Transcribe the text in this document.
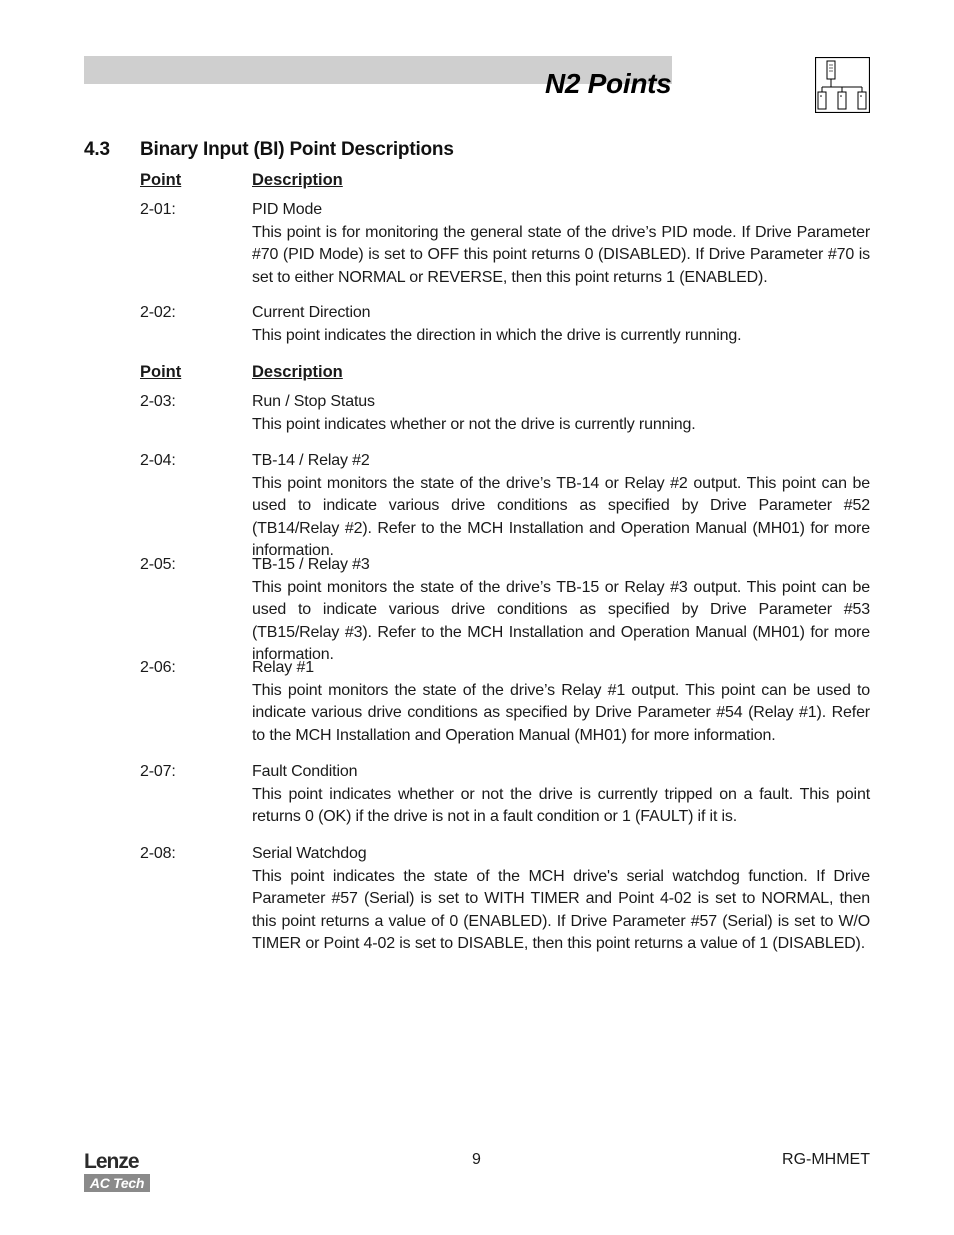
N2 Points
4.3 Binary Input (BI) Point Descriptions
Point	Description
2-01:	PID Mode
This point is for monitoring the general state of the drive’s PID mode. If Drive Parameter #70 (PID Mode) is set to OFF this point returns 0 (DISABLED). If Drive Parameter #70 is set to either NORMAL or REVERSE, then this point returns 1 (ENABLED).
2-02:	Current Direction
This point indicates the direction in which the drive is currently running.
Point	Description
2-03:	Run / Stop Status
This point indicates whether or not the drive is currently running.
2-04:	TB-14 / Relay #2
This point monitors the state of the drive’s TB-14 or Relay #2 output. This point can be used to indicate various drive conditions as specified by Drive Parameter #52 (TB14/Relay #2). Refer to the MCH Installation and Operation Manual (MH01) for more information.
2-05:	TB-15 / Relay #3
This point monitors the state of the drive’s TB-15 or Relay #3 output. This point can be used to indicate various drive conditions as specified by Drive Parameter #53 (TB15/Relay #3). Refer to the MCH Installation and Operation Manual (MH01) for more information.
2-06:	Relay #1
This point monitors the state of the drive’s Relay #1 output. This point can be used to indicate various drive conditions as specified by Drive Parameter #54 (Relay #1). Refer to the MCH Installation and Operation Manual (MH01) for more information.
2-07:	Fault Condition
This point indicates whether or not the drive is currently tripped on a fault. This point returns 0 (OK) if the drive is not in a fault condition or 1 (FAULT) if it is.
2-08:	Serial Watchdog
This point indicates the state of the MCH drive's serial watchdog function. If Drive Parameter #57 (Serial) is set to WITH TIMER and Point 4-02 is set to NORMAL, then this point returns a value of 0 (ENABLED). If Drive Parameter #57 (Serial) is set to W/O TIMER or Point 4-02 is set to DISABLE, then this point returns a value of 1 (DISABLED).
Lenze
AC Tech
9	RG-MHMET
